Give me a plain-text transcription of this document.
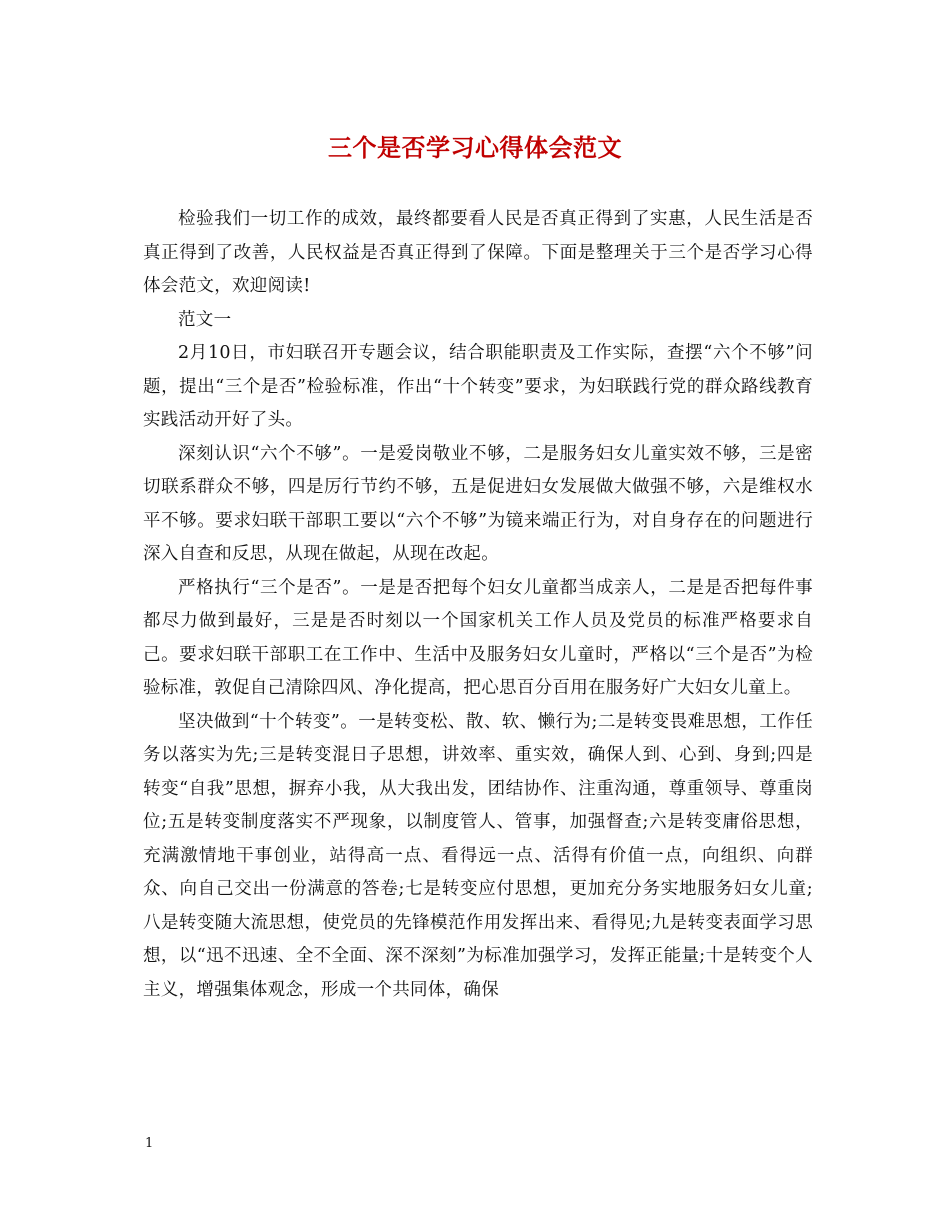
三个是否学习心得体会范文

检验我们一切工作的成效，最终都要看人民是否真正得到了实惠，人民生活是否真正得到了改善，人民权益是否真正得到了保障。下面是整理关于三个是否学习心得体会范文，欢迎阅读!

范文一

2月10日，市妇联召开专题会议，结合职能职责及工作实际，查摆“六个不够”问题，提出“三个是否”检验标准，作出“十个转变”要求，为妇联践行党的群众路线教育实践活动开好了头。

深刻认识“六个不够”。一是爱岗敬业不够，二是服务妇女儿童实效不够，三是密切联系群众不够，四是厉行节约不够，五是促进妇女发展做大做强不够，六是维权水平不够。要求妇联干部职工要以“六个不够”为镜来端正行为，对自身存在的问题进行深入自查和反思，从现在做起，从现在改起。

严格执行“三个是否”。一是是否把每个妇女儿童都当成亲人，二是是否把每件事都尽力做到最好，三是是否时刻以一个国家机关工作人员及党员的标准严格要求自己。要求妇联干部职工在工作中、生活中及服务妇女儿童时，严格以“三个是否”为检验标准，敦促自己清除四风、净化提高，把心思百分百用在服务好广大妇女儿童上。

坚决做到“十个转变”。一是转变松、散、软、懒行为;二是转变畏难思想，工作任务以落实为先;三是转变混日子思想，讲效率、重实效，确保人到、心到、身到;四是转变“自我”思想，摒弃小我，从大我出发，团结协作、注重沟通，尊重领导、尊重岗位;五是转变制度落实不严现象，以制度管人、管事，加强督查;六是转变庸俗思想，充满激情地干事创业，站得高一点、看得远一点、活得有价值一点，向组织、向群众、向自己交出一份满意的答卷;七是转变应付思想，更加充分务实地服务妇女儿童;八是转变随大流思想，使党员的先锋模范作用发挥出来、看得见;九是转变表面学习思想，以“迅不迅速、全不全面、深不深刻”为标准加强学习，发挥正能量;十是转变个人主义，增强集体观念，形成一个共同体，确保

1
